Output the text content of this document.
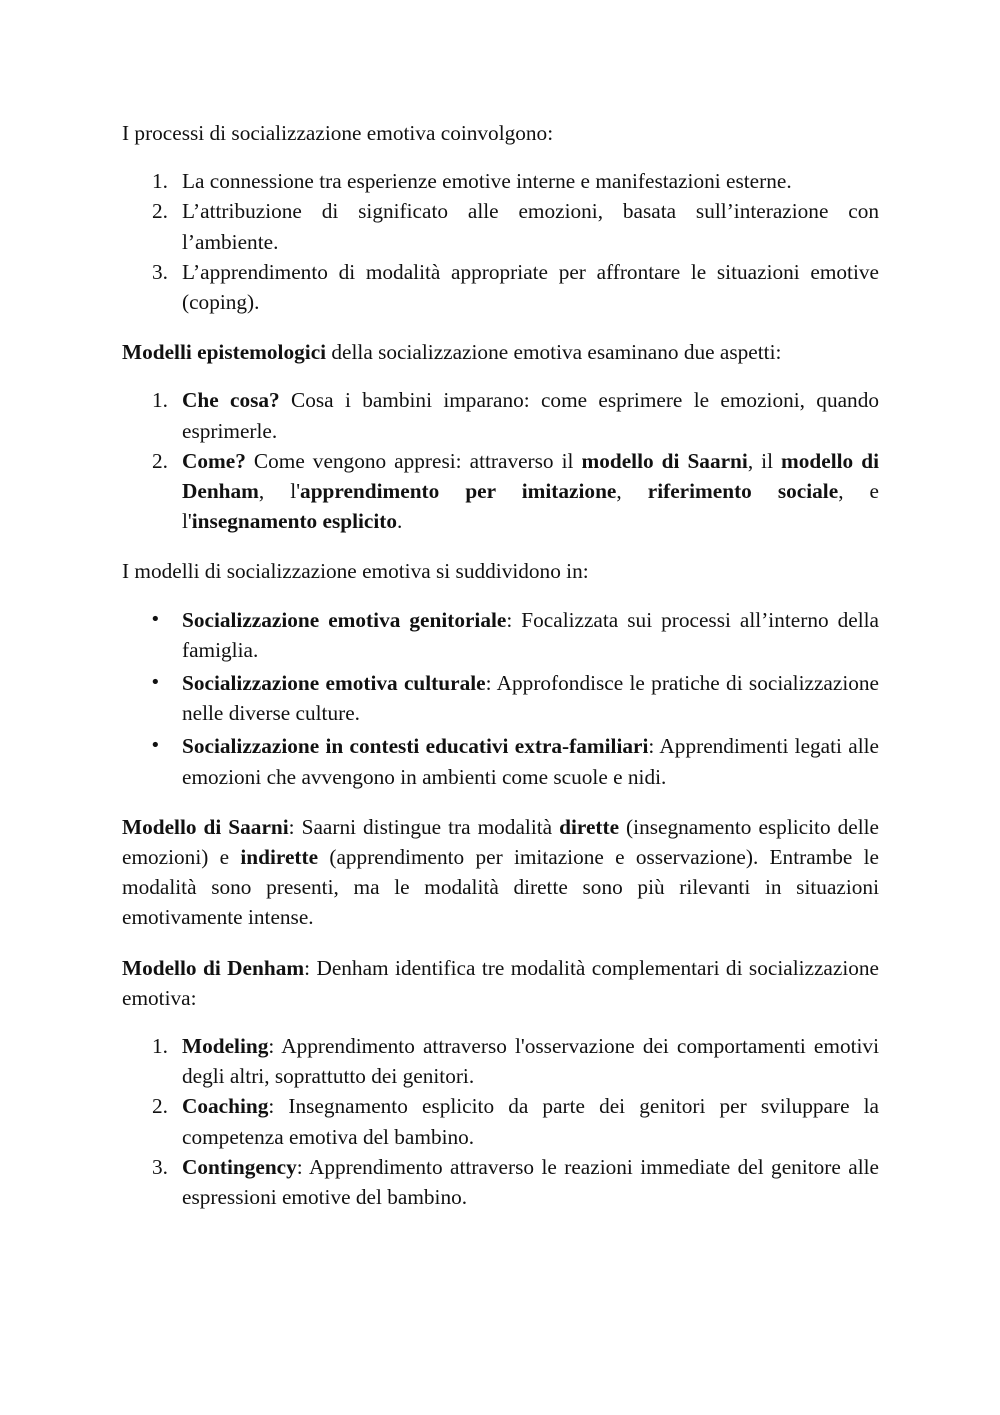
I processi di socializzazione emotiva coinvolgono:

1. La connessione tra esperienze emotive interne e manifestazioni esterne.
2. L’attribuzione di significato alle emozioni, basata sull’interazione con l’ambiente.
3. L’apprendimento di modalità appropriate per affrontare le situazioni emotive (coping).

Modelli epistemologici della socializzazione emotiva esaminano due aspetti:

1. Che cosa? Cosa i bambini imparano: come esprimere le emozioni, quando esprimerle.
2. Come? Come vengono appresi: attraverso il modello di Saarni, il modello di Denham, l'apprendimento per imitazione, riferimento sociale, e l'insegnamento esplicito.

I modelli di socializzazione emotiva si suddividono in:

• Socializzazione emotiva genitoriale: Focalizzata sui processi all’interno della famiglia.
• Socializzazione emotiva culturale: Approfondisce le pratiche di socializzazione nelle diverse culture.
• Socializzazione in contesti educativi extra-familiari: Apprendimenti legati alle emozioni che avvengono in ambienti come scuole e nidi.

Modello di Saarni: Saarni distingue tra modalità dirette (insegnamento esplicito delle emozioni) e indirette (apprendimento per imitazione e osservazione). Entrambe le modalità sono presenti, ma le modalità dirette sono più rilevanti in situazioni emotivamente intense.

Modello di Denham: Denham identifica tre modalità complementari di socializzazione emotiva:

1. Modeling: Apprendimento attraverso l'osservazione dei comportamenti emotivi degli altri, soprattutto dei genitori.
2. Coaching: Insegnamento esplicito da parte dei genitori per sviluppare la competenza emotiva del bambino.
3. Contingency: Apprendimento attraverso le reazioni immediate del genitore alle espressioni emotive del bambino.
